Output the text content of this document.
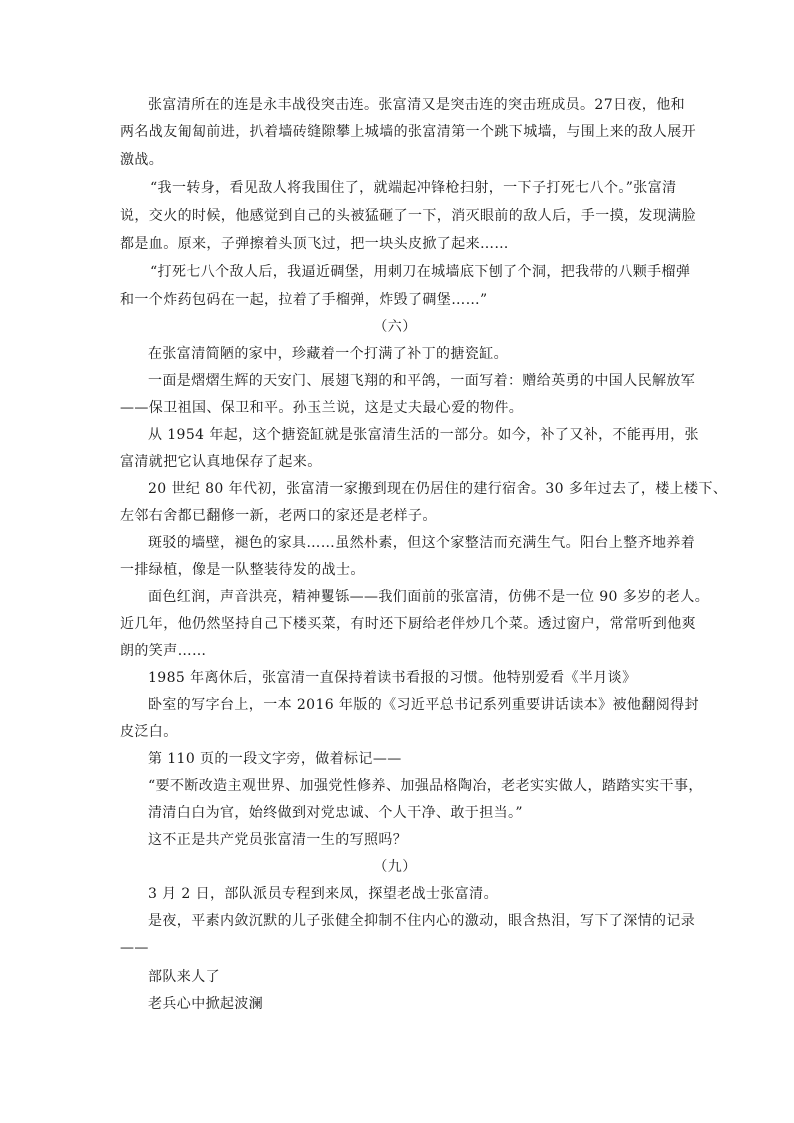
张富清所在的连是永丰战役突击连。张富清又是突击连的突击班成员。27日夜，他和
两名战友匍匐前进，扒着墙砖缝隙攀上城墙的张富清第一个跳下城墙，与围上来的敌人展开
激战。
“我一转身，看见敌人将我围住了，就端起冲锋枪扫射，一下子打死七八个。”张富清
说，交火的时候，他感觉到自己的头被猛砸了一下，消灭眼前的敌人后，手一摸，发现满脸
都是血。原来，子弹擦着头顶飞过，把一块头皮掀了起来……
“打死七八个敌人后，我逼近碉堡，用刺刀在城墙底下刨了个洞，把我带的八颗手榴弹
和一个炸药包码在一起，拉着了手榴弹，炸毁了碉堡……”
（六）
在张富清简陋的家中，珍藏着一个打满了补丁的搪瓷缸。
一面是熠熠生辉的天安门、展翅飞翔的和平鸽，一面写着：赠给英勇的中国人民解放军
——保卫祖国、保卫和平。孙玉兰说，这是丈夫最心爱的物件。
从 1954 年起，这个搪瓷缸就是张富清生活的一部分。如今，补了又补，不能再用，张
富清就把它认真地保存了起来。
20 世纪 80 年代初，张富清一家搬到现在仍居住的建行宿舍。30 多年过去了，楼上楼下、
左邻右舍都已翻修一新，老两口的家还是老样子。
斑驳的墙壁，褪色的家具……虽然朴素，但这个家整洁而充满生气。阳台上整齐地养着
一排绿植，像是一队整装待发的战士。
面色红润，声音洪亮，精神矍铄——我们面前的张富清，仿佛不是一位 90 多岁的老人。
近几年，他仍然坚持自己下楼买菜，有时还下厨给老伴炒几个菜。透过窗户，常常听到他爽
朗的笑声……
1985 年离休后，张富清一直保持着读书看报的习惯。他特别爱看《半月谈》
卧室的写字台上，一本 2016 年版的《习近平总书记系列重要讲话读本》被他翻阅得封
皮泛白。
第 110 页的一段文字旁，做着标记——
“要不断改造主观世界、加强党性修养、加强品格陶冶，老老实实做人，踏踏实实干事，
清清白白为官，始终做到对党忠诚、个人干净、敢于担当。”
这不正是共产党员张富清一生的写照吗？
（九）
3 月 2 日，部队派员专程到来凤，探望老战士张富清。
是夜，平素内敛沉默的儿子张健全抑制不住内心的激动，眼含热泪，写下了深情的记录
——
部队来人了
老兵心中掀起波澜
